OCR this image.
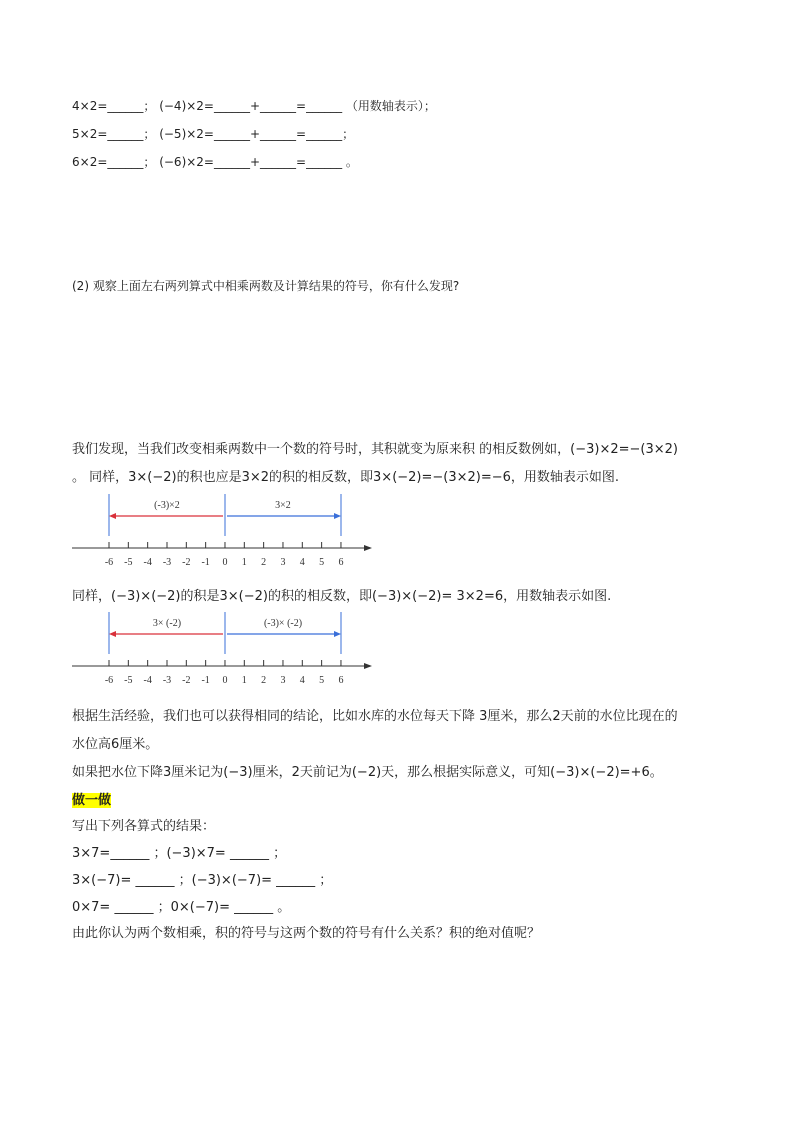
4×2=______； (−4)×2=______+______=______ （用数轴表示）；
5×2=______； (−5)×2=______+______=______；
6×2=______； (−6)×2=______+______=______ 。
(2) 观察上面左右两列算式中相乘两数及计算结果的符号，你有什么发现?
我们发现，当我们改变相乘两数中一个数的符号时，其积就变为原来积 的相反数例如，(−3)×2=−(3×2)
。 同样，3×(−2)的积也应是3×2的积的相反数，即3×(−2)=−(3×2)=−6，用数轴表示如图.
(-3)×2	3×2
-6 -5 -4 -3 -2 -1 0 1 2 3 4 5 6
同样，(−3)×(−2)的积是3×(−2)的积的相反数，即(−3)×(−2)= 3×2=6，用数轴表示如图.
3× (-2)	(-3)× (-2)
-6 -5 -4 -3 -2 -1 0 1 2 3 4 5 6
根据生活经验，我们也可以获得相同的结论，比如水库的水位每天下降 3厘米，那么2天前的水位比现在的
水位高6厘米。
如果把水位下降3厘米记为(−3)厘米，2天前记为(−2)天，那么根据实际意义，可知(−3)×(−2)=+6。
做一做
写出下列各算式的结果：
3×7=______ ；(−3)×7= ______ ；
3×(−7)= ______ ；(−3)×(−7)= ______ ；
0×7= ______ ；0×(−7)= ______ 。
由此你认为两个数相乘，积的符号与这两个数的符号有什么关系？积的绝对值呢？
